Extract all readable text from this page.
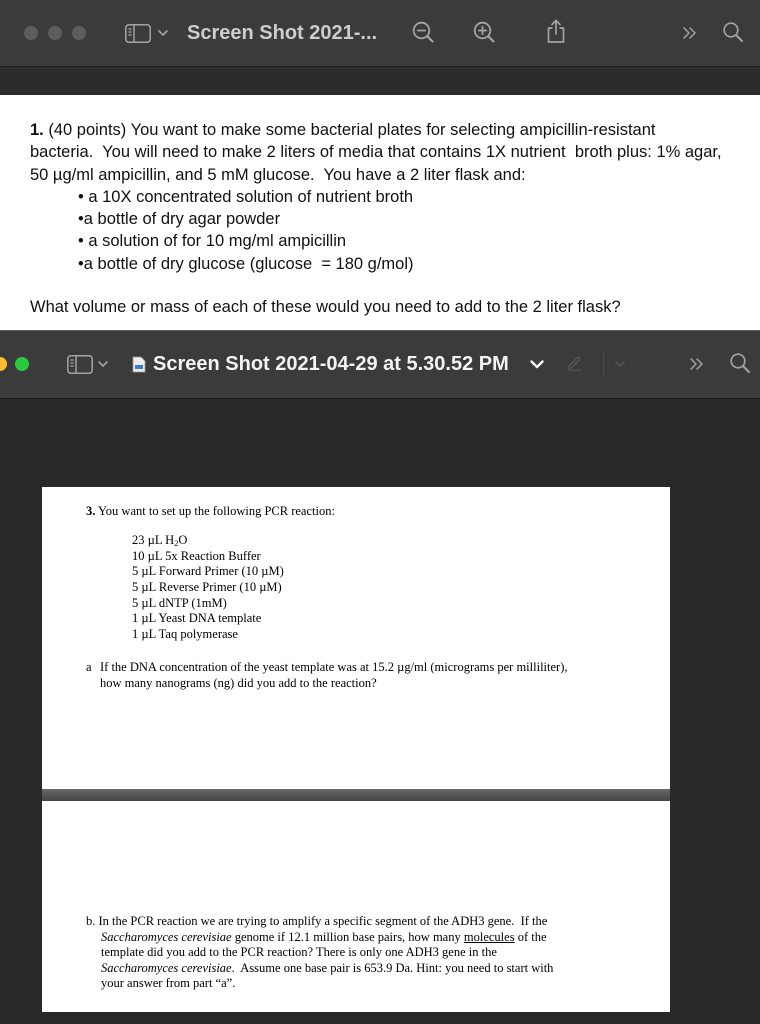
Screen Shot 2021-...
1. (40 points) You want to make some bacterial plates for selecting ampicillin-resistant
bacteria.  You will need to make 2 liters of media that contains 1X nutrient  broth plus: 1% agar,
50 µg/ml ampicillin, and 5 mM glucose.  You have a 2 liter flask and:
• a 10X concentrated solution of nutrient broth
•a bottle of dry agar powder
• a solution of for 10 mg/ml ampicillin
•a bottle of dry glucose (glucose  = 180 g/mol)
What volume or mass of each of these would you need to add to the 2 liter flask?
Screen Shot 2021-04-29 at 5.30.52 PM
3. You want to set up the following PCR reaction:
23 µL $H_2O$
10 µL 5x Reaction Buffer
5 µL Forward Primer (10 µM)
5 µL Reverse Primer (10 µM)
5 µL dNTP (1mM)
1 µL Yeast DNA template
1 µL Taq polymerase
a If the DNA concentration of the yeast template was at 15.2 µg/ml (micrograms per milliliter),
how many nanograms (ng) did you add to the reaction?
b. In the PCR reaction we are trying to amplify a specific segment of the ADH3 gene.  If the
Saccharomyces cerevisiae genome if 12.1 million base pairs, how many molecules of the
template did you add to the PCR reaction? There is only one ADH3 gene in the
Saccharomyces cerevisiae.  Assume one base pair is 653.9 Da. Hint: you need to start with
your answer from part “a”.
